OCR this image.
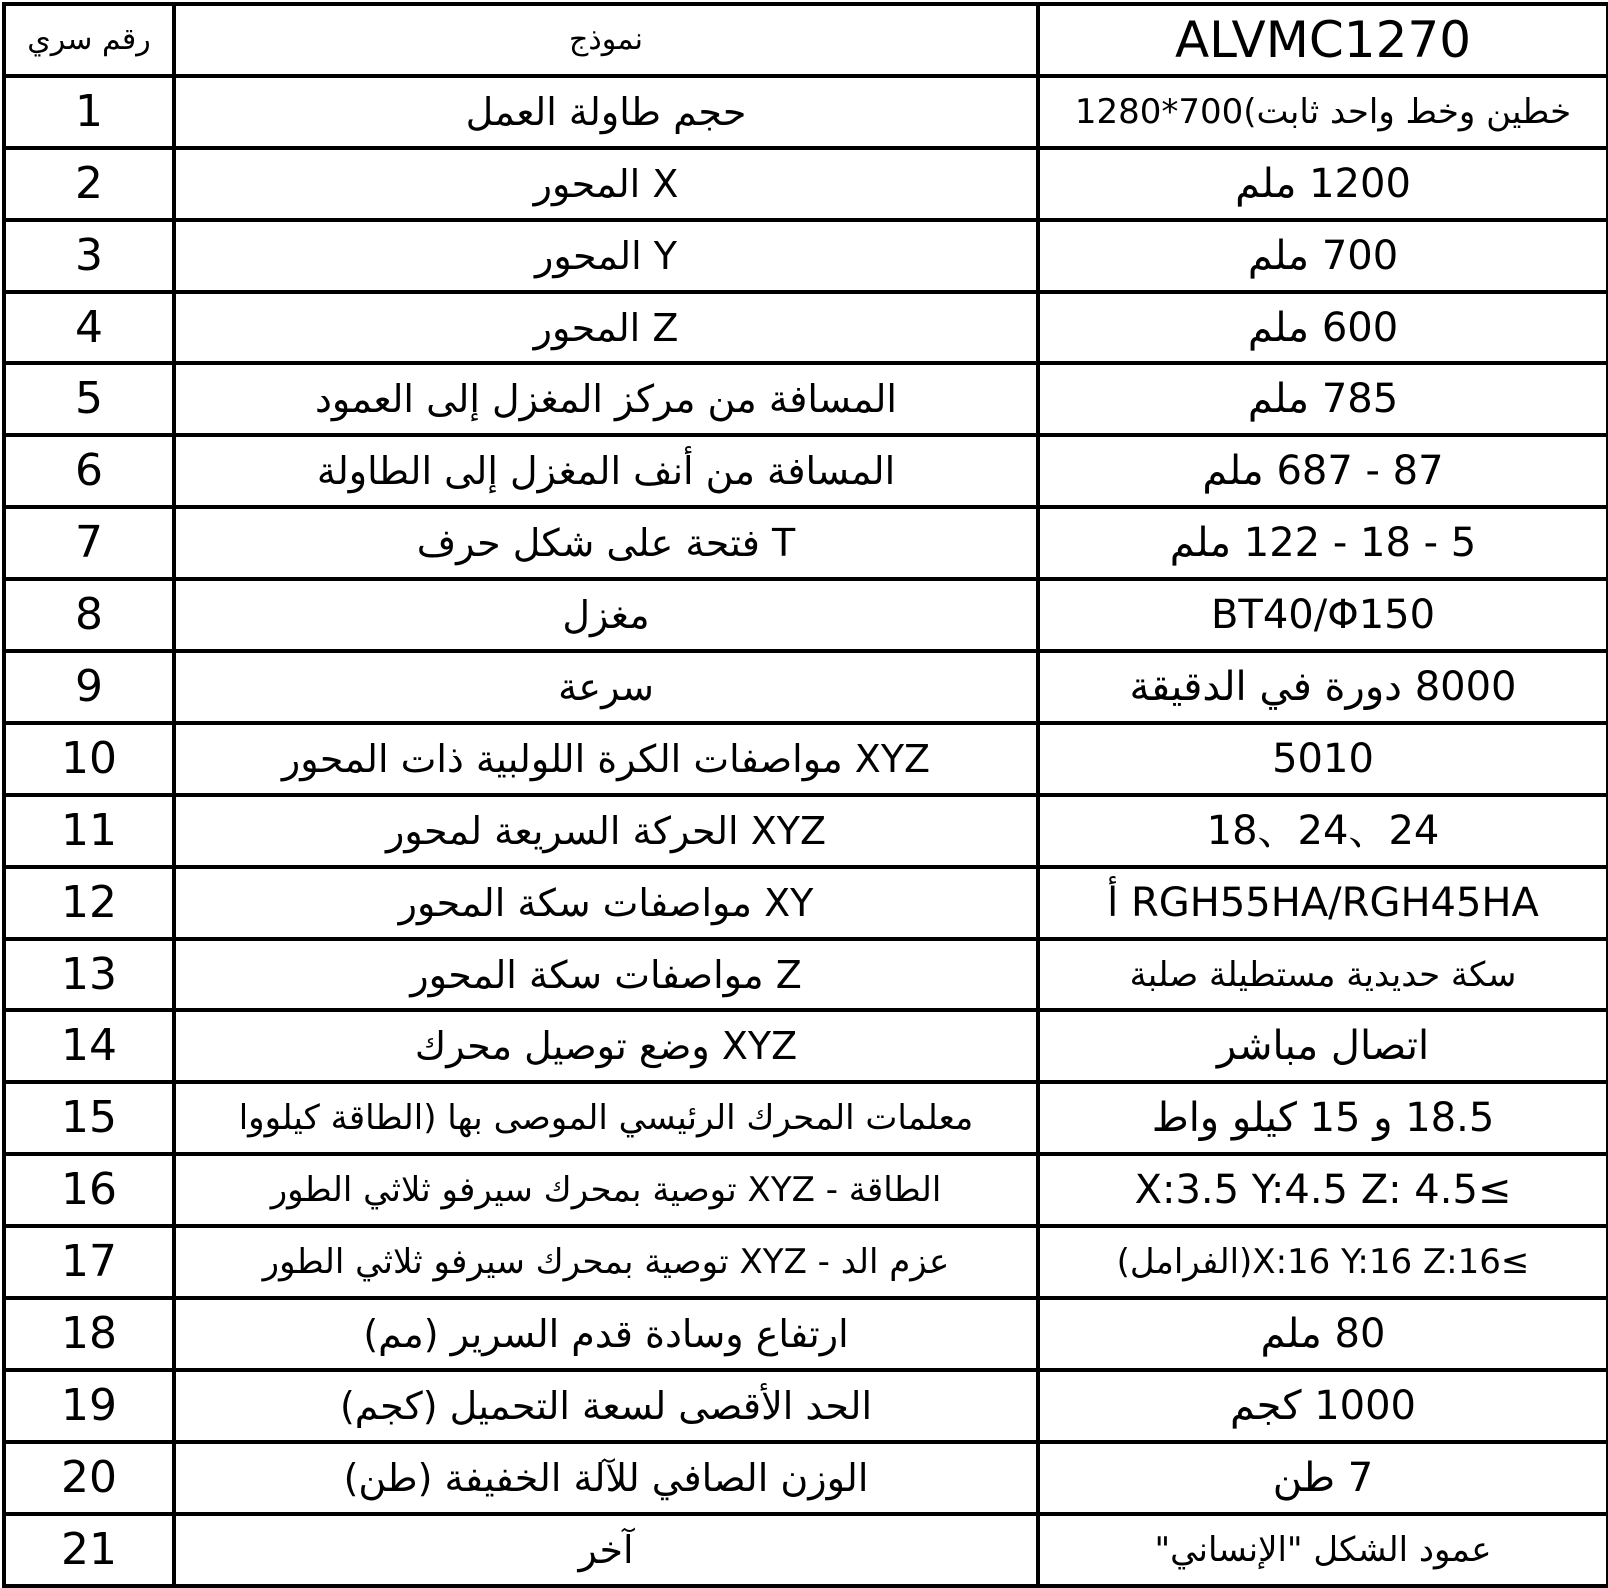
رقم سري	نموذج	ALVMC1270
1	حجم طاولة العمل	خطين وخط واحد ثابت)700*1280
2	X المحور	1200 ملم
3	Y المحور	700 ملم
4	Z المحور	600 ملم
5	المسافة من مركز المغزل إلى العمود	785 ملم
6	المسافة من أنف المغزل إلى الطاولة	87 - 687 ملم
7	T فتحة على شكل حرف	5 - 18 - 122 ملم
8	مغزل	BT40/Φ150
9	سرعة	8000 دورة في الدقيقة
10	XYZ مواصفات الكرة اللولبية ذات المحور	5010
11	XYZ الحركة السريعة لمحور	24、24、18
12	XY مواصفات سكة المحور	RGH55HA/RGH45HA أ
13	Z مواصفات سكة المحور	سكة حديدية مستطيلة صلبة
14	XYZ وضع توصيل محرك	اتصال مباشر
15	معلمات المحرك الرئيسي الموصى بها (الطاقة كيلووا	18.5 و 15 كيلو واط
16	الطاقة - XYZ توصية بمحرك سيرفو ثلاثي الطور	≥X:3.5 Y:4.5 Z: 4.5
17	عزم الد - XYZ توصية بمحرك سيرفو ثلاثي الطور	≥X:16 Y:16 Z:16(الفرامل)
18	ارتفاع وسادة قدم السرير (مم)	80 ملم
19	الحد الأقصى لسعة التحميل (كجم)	1000 كجم
20	الوزن الصافي للآلة الخفيفة (طن)	7 طن
21	آخر	عمود الشكل "الإنساني"
